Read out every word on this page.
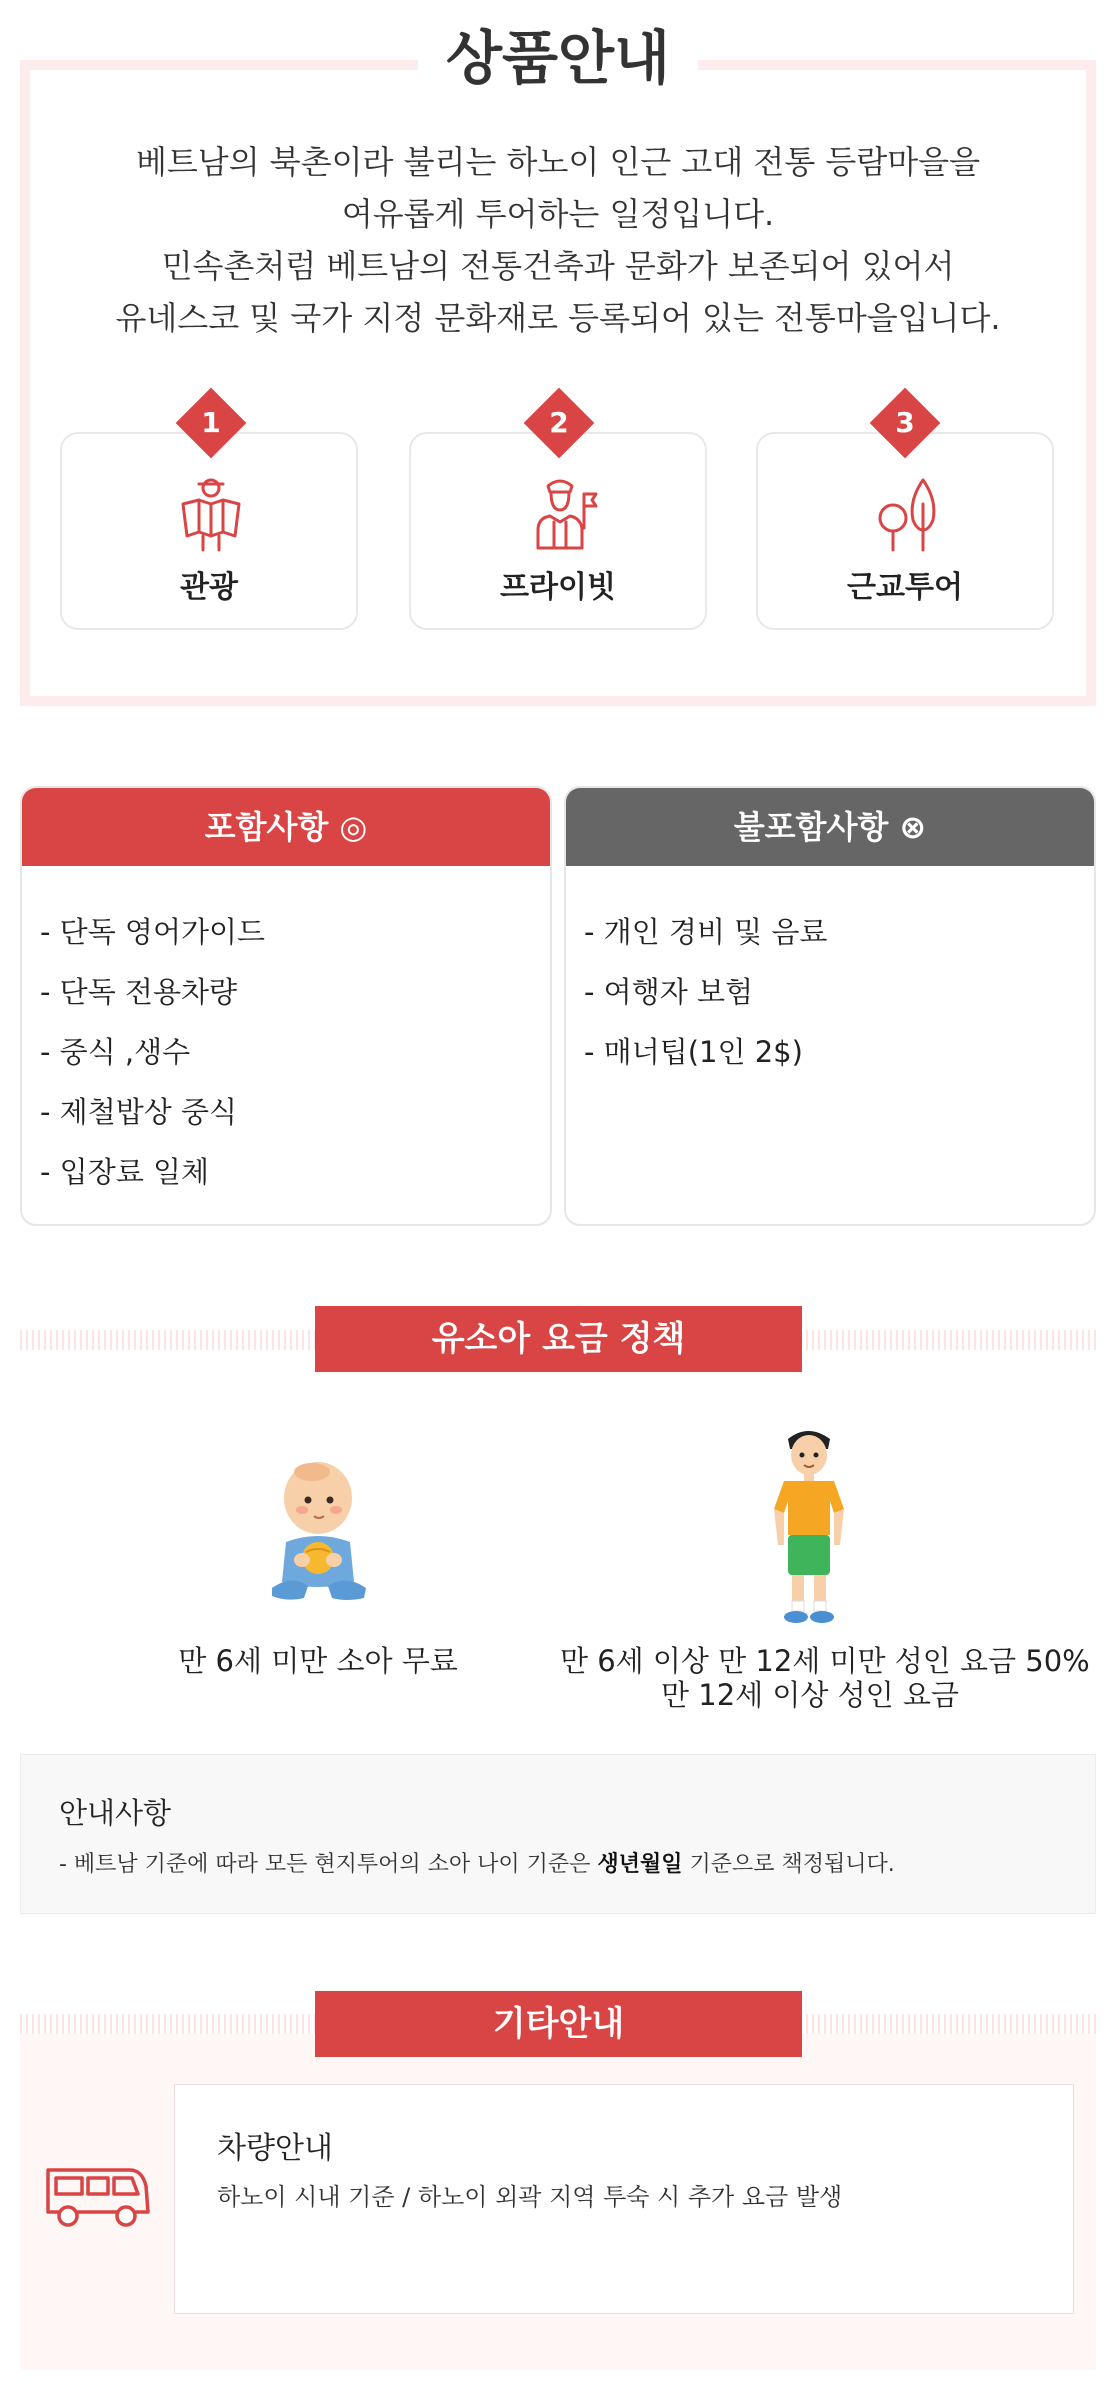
상품안내
베트남의 북촌이라 불리는 하노이 인근 고대 전통 등람마을을
여유롭게 투어하는 일정입니다.
민속촌처럼 베트남의 전통건축과 문화가 보존되어 있어서
유네스코 및 국가 지정 문화재로 등록되어 있는 전통마을입니다.
관광
1
프라이빗
2
근교투어
3
포함사항 ◎
- 단독 영어가이드
- 단독 전용차량
- 중식 ,생수
- 제철밥상 중식
- 입장료 일체
불포함사항 ⊗
- 개인 경비 및 음료
- 여행자 보험
- 매너팁(1인 2$)
유소아 요금 정책
만 6세 미만 소아 무료	만 6세 이상 만 12세 미만 성인 요금 50%
만 12세 이상 성인 요금
안내사항
- 베트남 기준에 따라 모든 현지투어의 소아 나이 기준은 생년월일 기준으로 책정됩니다.
기타안내
차량안내
하노이 시내 기준 / 하노이 외곽 지역 투숙 시 추가 요금 발생
